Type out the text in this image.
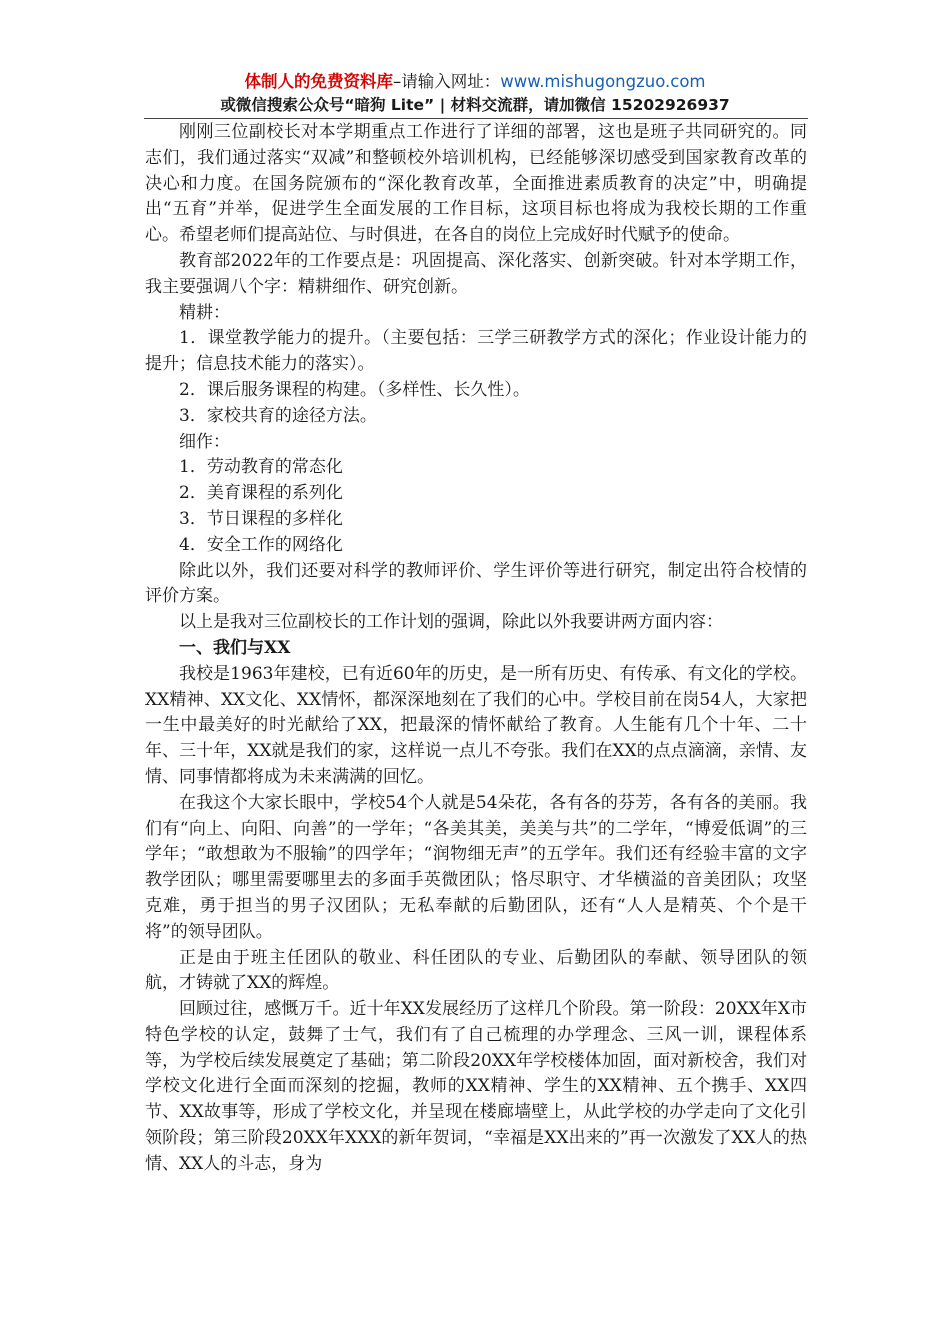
体制人的免费资料库–请输入网址：www.mishugongzuo.com
或微信搜索公众号“暗狗 Lite” | 材料交流群，请加微信 15202926937

刚刚三位副校长对本学期重点工作进行了详细的部署，这也是班子共同研究的。同志们，我们通过落实“双减”和整顿校外培训机构，已经能够深切感受到国家教育改革的决心和力度。在国务院颁布的“深化教育改革，全面推进素质教育的决定”中，明确提出“五育”并举，促进学生全面发展的工作目标，这项目标也将成为我校长期的工作重心。希望老师们提高站位、与时俱进，在各自的岗位上完成好时代赋予的使命。

教育部2022年的工作要点是：巩固提高、深化落实、创新突破。针对本学期工作，我主要强调八个字：精耕细作、研究创新。

精耕：

1．课堂教学能力的提升。（主要包括：三学三研教学方式的深化；作业设计能力的提升；信息技术能力的落实）。

2．课后服务课程的构建。（多样性、长久性）。

3．家校共育的途径方法。

细作：

1．劳动教育的常态化

2．美育课程的系列化

3．节日课程的多样化

4．安全工作的网络化

除此以外，我们还要对科学的教师评价、学生评价等进行研究，制定出符合校情的评价方案。

以上是我对三位副校长的工作计划的强调，除此以外我要讲两方面内容：

一、我们与XX

我校是1963年建校，已有近60年的历史，是一所有历史、有传承、有文化的学校。XX精神、XX文化、XX情怀，都深深地刻在了我们的心中。学校目前在岗54人，大家把一生中最美好的时光献给了XX，把最深的情怀献给了教育。人生能有几个十年、二十年、三十年，XX就是我们的家，这样说一点儿不夸张。我们在XX的点点滴滴，亲情、友情、同事情都将成为未来满满的回忆。

在我这个大家长眼中，学校54个人就是54朵花，各有各的芬芳，各有各的美丽。我们有“向上、向阳、向善”的一学年；“各美其美，美美与共”的二学年，“博爱低调”的三学年；“敢想敢为不服输”的四学年；“润物细无声”的五学年。我们还有经验丰富的文字教学团队；哪里需要哪里去的多面手英微团队；恪尽职守、才华横溢的音美团队；攻坚克难，勇于担当的男子汉团队；无私奉献的后勤团队，还有“人人是精英、个个是干将”的领导团队。

正是由于班主任团队的敬业、科任团队的专业、后勤团队的奉献、领导团队的领航，才铸就了XX的辉煌。

回顾过往，感慨万千。近十年XX发展经历了这样几个阶段。第一阶段：20XX年X市特色学校的认定，鼓舞了士气，我们有了自己梳理的办学理念、三风一训，课程体系等，为学校后续发展奠定了基础；第二阶段20XX年学校楼体加固，面对新校舍，我们对学校文化进行全面而深刻的挖掘，教师的XX精神、学生的XX精神、五个携手、XX四节、XX故事等，形成了学校文化，并呈现在楼廊墙壁上，从此学校的办学走向了文化引领阶段；第三阶段20XX年XXX的新年贺词，“幸福是XX出来的”再一次激发了XX人的热情、XX人的斗志，身为
